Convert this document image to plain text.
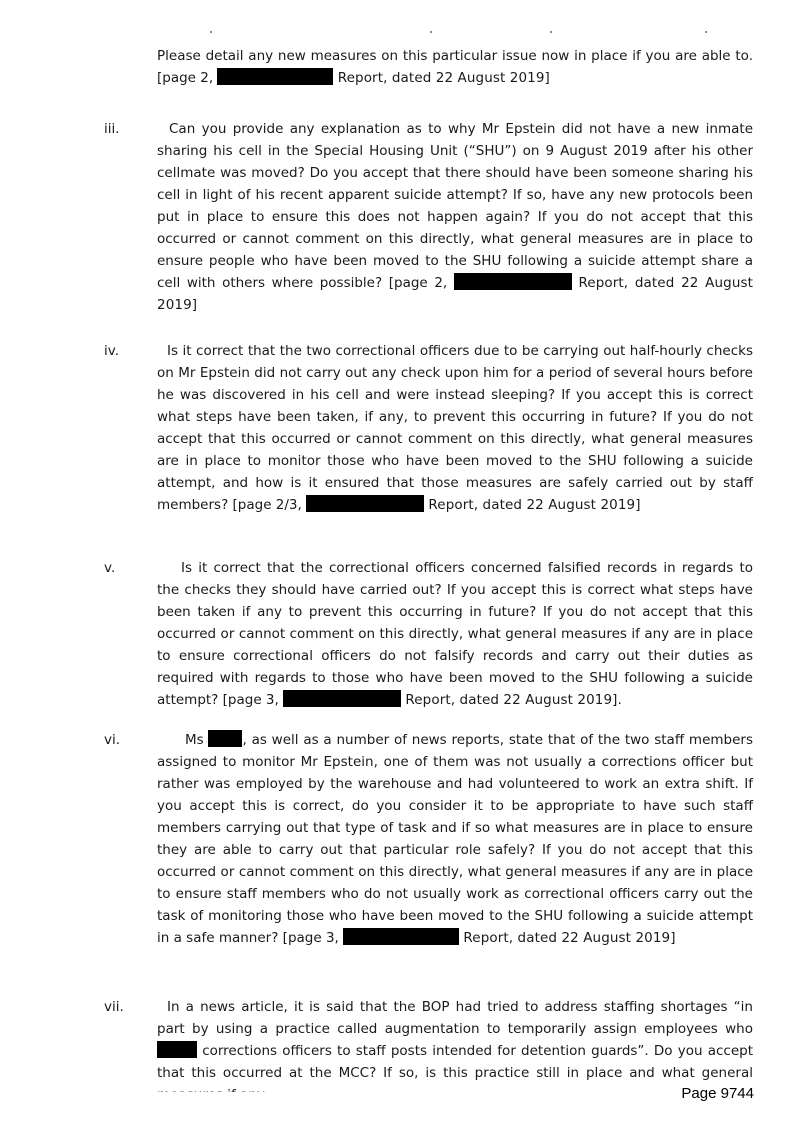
Please detail any new measures on this particular issue now in place if you are able to. [page 2,	Report, dated 22 August 2019]
iii.	Can you provide any explanation as to why Mr Epstein did not have a new inmate sharing his cell in the Special Housing Unit (“SHU”) on 9 August 2019 after his other cellmate was moved? Do you accept that there should have been someone sharing his cell in light of his recent apparent suicide attempt? If so, have any new protocols been put in place to ensure this does not happen again? If you do not accept that this occurred or cannot comment on this directly, what general measures are in place to ensure people who have been moved to the SHU following a suicide attempt share a cell with others where possible? [page 2,	Report, dated 22 August 2019]
iv.	Is it correct that the two correctional officers due to be carrying out half-hourly checks on Mr Epstein did not carry out any check upon him for a period of several hours before he was discovered in his cell and were instead sleeping? If you accept this is correct what steps have been taken, if any, to prevent this occurring in future? If you do not accept that this occurred or cannot comment on this directly, what general measures are in place to monitor those who have been moved to the SHU following a suicide attempt, and how is it ensured that those measures are safely carried out by staff members? [page 2/3,	Report, dated 22 August 2019]
v.	Is it correct that the correctional officers concerned falsified records in regards to the checks they should have carried out? If you accept this is correct what steps have been taken if any to prevent this occurring in future? If you do not accept that this occurred or cannot comment on this directly, what general measures if any are in place to ensure correctional officers do not falsify records and carry out their duties as required with regards to those who have been moved to the SHU following a suicide attempt? [page 3,	Report, dated 22 August 2019].
vi.	Ms	, as well as a number of news reports, state that of the two staff members assigned to monitor Mr Epstein, one of them was not usually a corrections officer but rather was employed by the warehouse and had volunteered to work an extra shift. If you accept this is correct, do you consider it to be appropriate to have such staff members carrying out that type of task and if so what measures are in place to ensure they are able to carry out that particular role safely? If you do not accept that this occurred or cannot comment on this directly, what general measures if any are in place to ensure staff members who do not usually work as correctional officers carry out the task of monitoring those who have been moved to the SHU following a suicide attempt in a safe manner? [page 3,	Report, dated 22 August 2019]
vii.	In a news article, it is said that the BOP had tried to address staffing shortages “in part by using a practice called augmentation to temporarily assign employees who  corrections officers to staff posts intended for detention guards”. Do you accept that this occurred at the MCC? If so, is this practice still in place and what general
Page 9744
